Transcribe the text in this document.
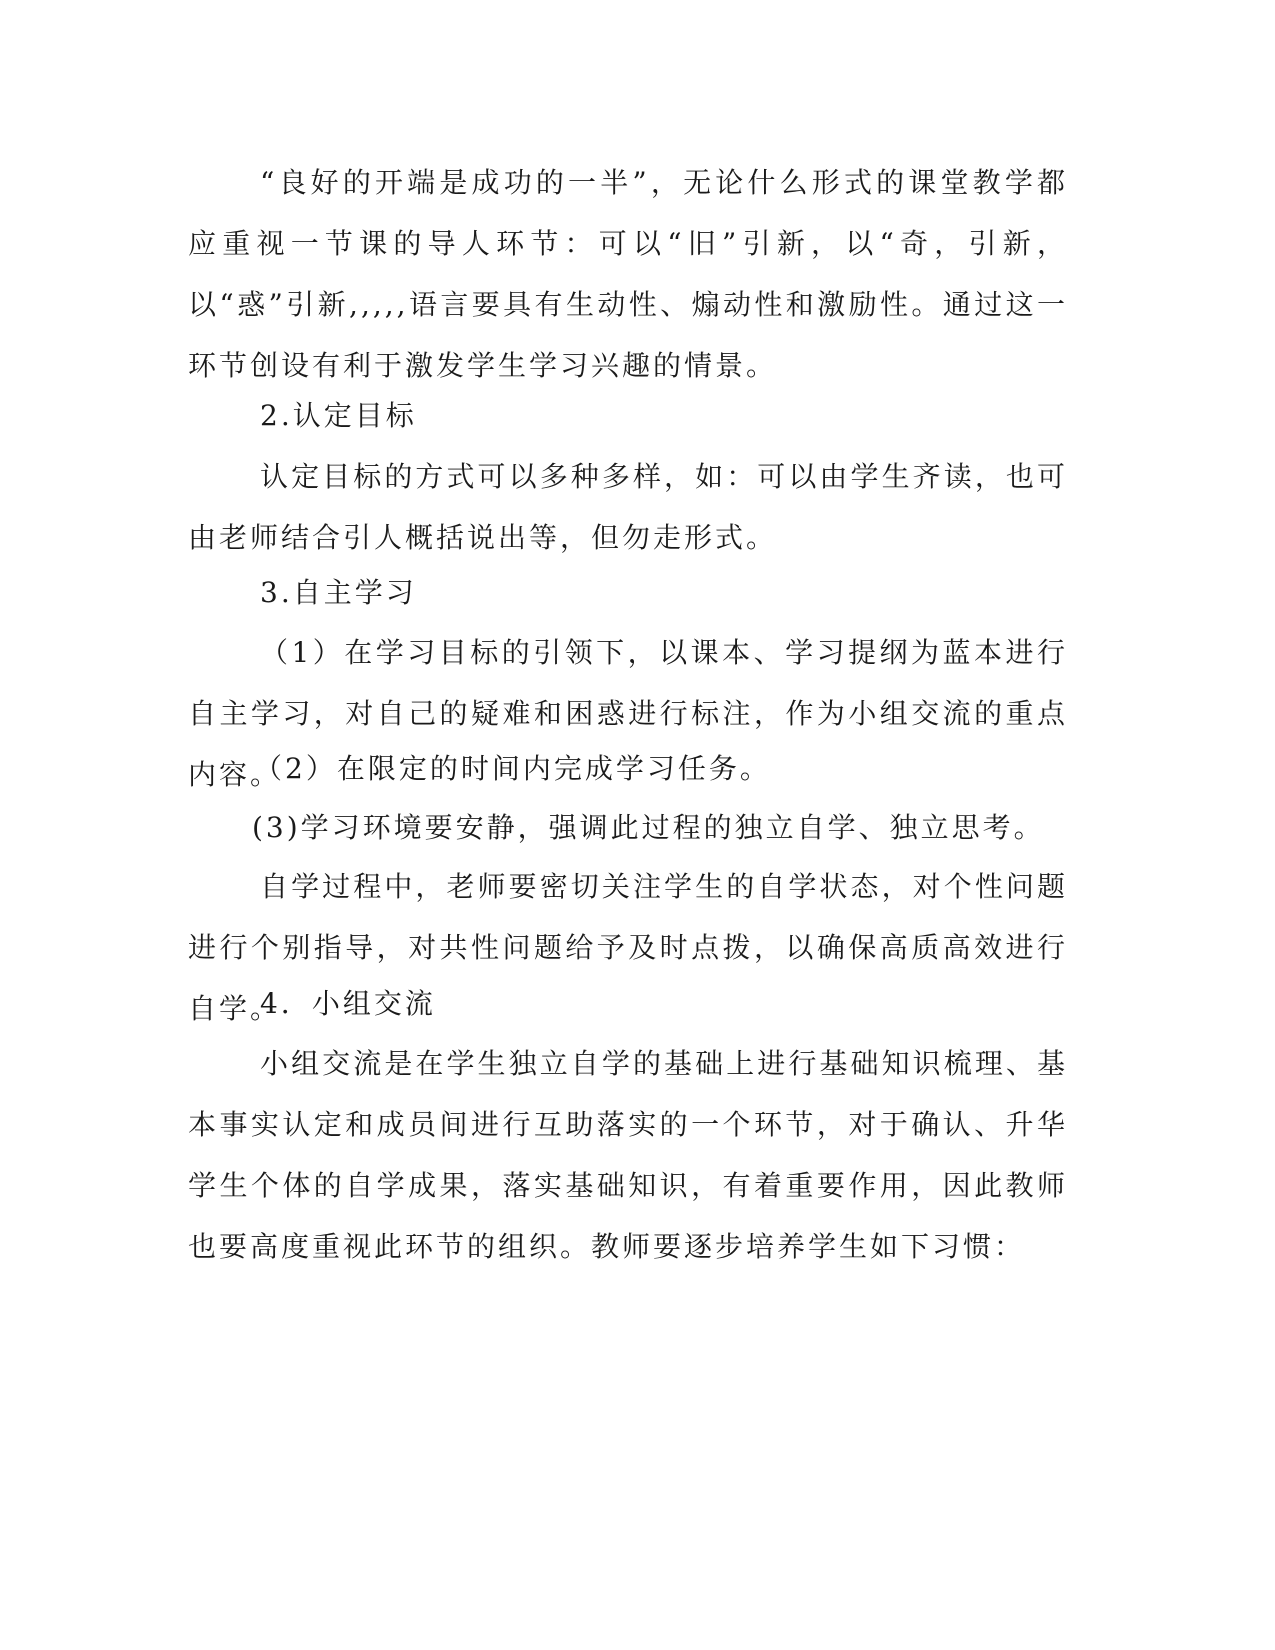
“良好的开端是成功的一半”，无论什么形式的课堂教学都应重视一节课的导人环节：可以“旧”引新，以“奇，引新，以“惑”引新,,,,,语言要具有生动性、煽动性和激励性。通过这一环节创设有利于激发学生学习兴趣的情景。

2.认定目标

认定目标的方式可以多种多样，如：可以由学生齐读，也可由老师结合引人概括说出等，但勿走形式。

3.自主学习

（1）在学习目标的引领下，以课本、学习提纲为蓝本进行自主学习，对自己的疑难和困惑进行标注，作为小组交流的重点内容。

（2）在限定的时间内完成学习任务。

(3)学习环境要安静，强调此过程的独立自学、独立思考。

自学过程中，老师要密切关注学生的自学状态，对个性问题进行个别指导，对共性问题给予及时点拨，以确保高质高效进行自学。

4．小组交流

小组交流是在学生独立自学的基础上进行基础知识梳理、基本事实认定和成员间进行互助落实的一个环节，对于确认、升华学生个体的自学成果，落实基础知识，有着重要作用，因此教师也要高度重视此环节的组织。教师要逐步培养学生如下习惯：
